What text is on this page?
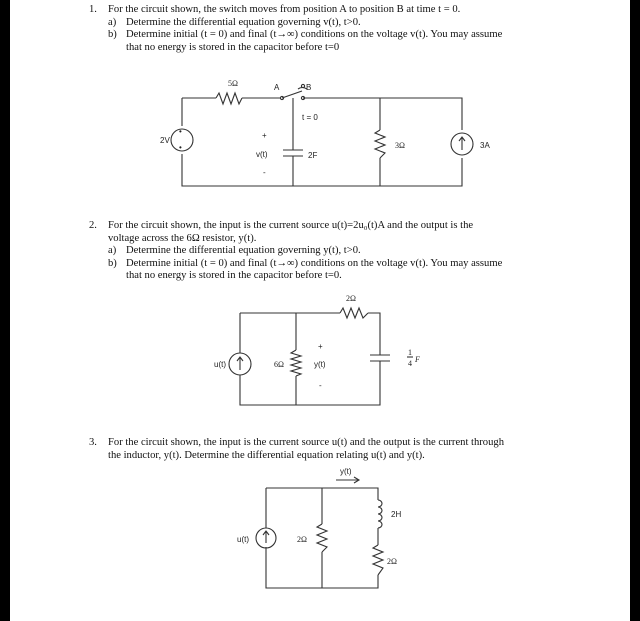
1. For the circuit shown, the switch moves from position A to position B at time t = 0.
a) Determine the differential equation governing v(t), t>0.
b) Determine initial (t = 0) and final (t→∞) conditions on the voltage v(t). You may assume
that no energy is stored in the capacitor before t=0
2. For the circuit shown, the input is the current source u(t)=2u₀(t)A and the output is the
voltage across the 6Ω resistor, y(t).
a) Determine the differential equation governing y(t), t>0.
b) Determine initial (t = 0) and final (t→∞) conditions on the voltage v(t). You may assume
that no energy is stored in the capacitor before t=0.
3. For the circuit shown, the input is the current source u(t) and the output is the current through
the inductor, y(t). Determine the differential equation relating u(t) and y(t).
•
•
5Ω	A	B
t = 0
2V
+
v(t)
-
2F
3Ω	3A
2Ω
u(t)	6Ω
+
y(t)
-
1
4 F
y(t)
u(t)	2Ω
2H
2Ω
